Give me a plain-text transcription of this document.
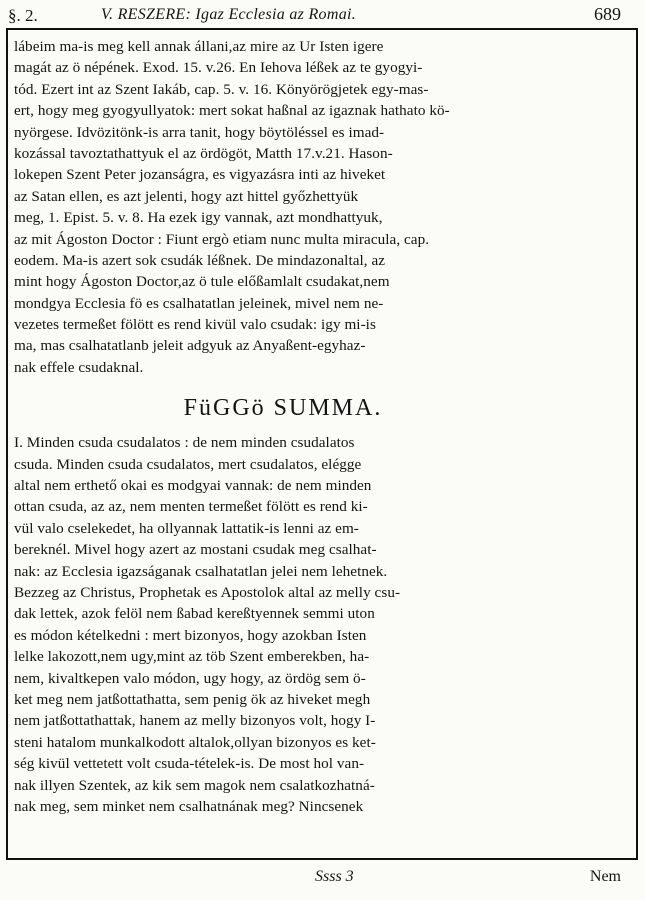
§. 2.	V. RESZERE: Igaz Ecclesia az Romai.	689
lábeim ma-is meg kell annak állani,az mire az Ur Isten igere
magát az ö népének. Exod. 15. v.26. En Iehova léßek az te gyogyi-
tód. Ezert int az Szent Iakáb, cap. 5. v. 16. Könyörögjetek egy-mas-
ert, hogy meg gyogyullyatok: mert sokat haßnal az igaznak hathato kö-
nyörgese. Idvözitönk-is arra tanit, hogy böytöléssel es imad-
kozással tavoztathattyuk el az ördögöt, Matth 17.v.21. Hason-
lokepen Szent Peter jozanságra, es vigyazásra inti az hiveket
az Satan ellen, es azt jelenti, hogy azt hittel győzhettyük
meg, 1. Epist. 5. v. 8. Ha ezek igy vannak, azt mondhattyuk,
az mit Ágoston Doctor : Fiunt ergò etiam nunc multa miracula, cap.
eodem. Ma-is azert sok csudák léßnek. De mindazonaltal, az
mint hogy Ágoston Doctor,az ö tule előßamlalt csudakat,nem
mondgya Ecclesia fö es csalhatatlan jeleinek, mivel nem ne-
vezetes termeßet fölött es rend kivül valo csudak: igy mi-is
ma, mas csalhatatlanb jeleit adgyuk az Anyaßent-egyhaz-
nak effele csudaknal.
FüGGö SUMMA.
I. Minden csuda csudalatos : de nem minden csudalatos
csuda. Minden csuda csudalatos, mert csudalatos, elégge
altal nem erthető okai es modgyai vannak: de nem minden
ottan csuda, az az, nem menten termeßet fölött es rend ki-
vül valo cselekedet, ha ollyannak lattatik-is lenni az em-
bereknél. Mivel hogy azert az mostani csudak meg csalhat-
nak: az Ecclesia igazságanak csalhatatlan jelei nem lehetnek.
Bezzeg az Christus, Prophetak es Apostolok altal az melly csu-
dak lettek, azok felöl nem ßabad kereßtyennek semmi uton
es módon kételkedni : mert bizonyos, hogy azokban Isten
lelke lakozott,nem ugy,mint az töb Szent emberekben, ha-
nem, kivaltkepen valo módon, ugy hogy, az ördög sem ö-
ket meg nem jatßottathatta, sem penig ök az hiveket megh
nem jatßottathattak, hanem az melly bizonyos volt, hogy I-
steni hatalom munkalkodott altalok,ollyan bizonyos es ket-
ség kivül vettetett volt csuda-tételek-is. De most hol van-
nak illyen Szentek, az kik sem magok nem csalatkozhatná-
nak meg, sem minket nem csalhatnának meg? Nincsenek
Ssss 3	Nem
